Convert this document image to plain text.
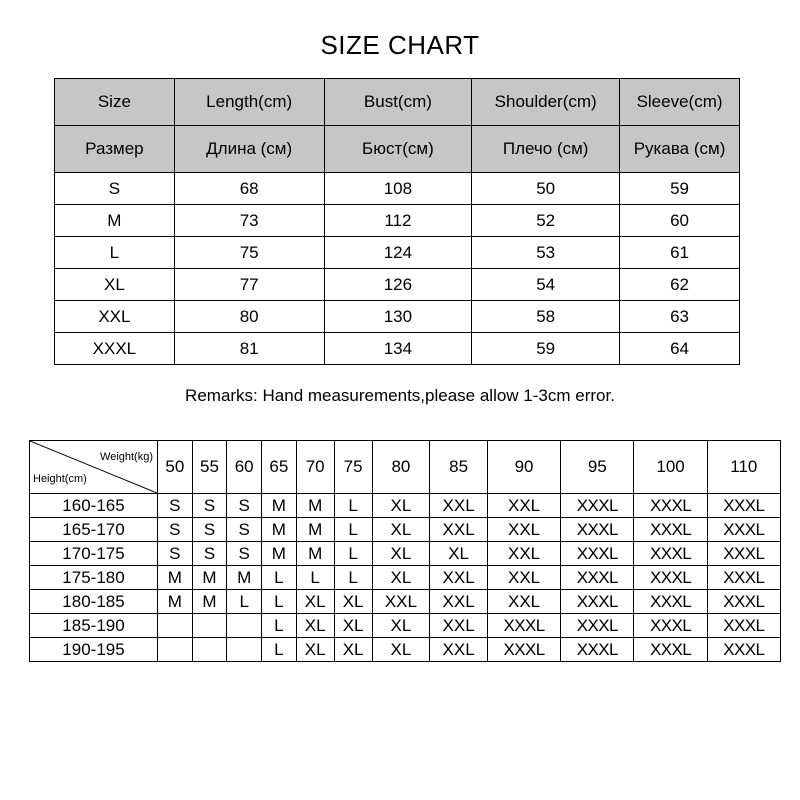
SIZE CHART
Size	Length(cm)	Bust(cm)	Shoulder(cm)	Sleeve(cm)
Размер	Длина (см)	Бюст(см)	Плечо (см)	Рукава (см)
S	68	108	50	59
M	73	112	52	60
L	75	124	53	61
XL	77	126	54	62
XXL	80	130	58	63
XXXL	81	134	59	64
Remarks: Hand measurements,please allow 1-3cm error.
Weight(kg)
Height(cm)	50	55	60	65	70	75	80	85	90	95	100	110
160-165	S	S	S	M	M	L	XL	XXL	XXL	XXXL	XXXL	XXXL
165-170	S	S	S	M	M	L	XL	XXL	XXL	XXXL	XXXL	XXXL
170-175	S	S	S	M	M	L	XL	XL	XXL	XXXL	XXXL	XXXL
175-180	M	M	M	L	L	L	XL	XXL	XXL	XXXL	XXXL	XXXL
180-185	M	M	L	L	XL	XL	XXL	XXL	XXL	XXXL	XXXL	XXXL
185-190				L	XL	XL	XL	XXL	XXXL	XXXL	XXXL	XXXL
190-195				L	XL	XL	XL	XXL	XXXL	XXXL	XXXL	XXXL
